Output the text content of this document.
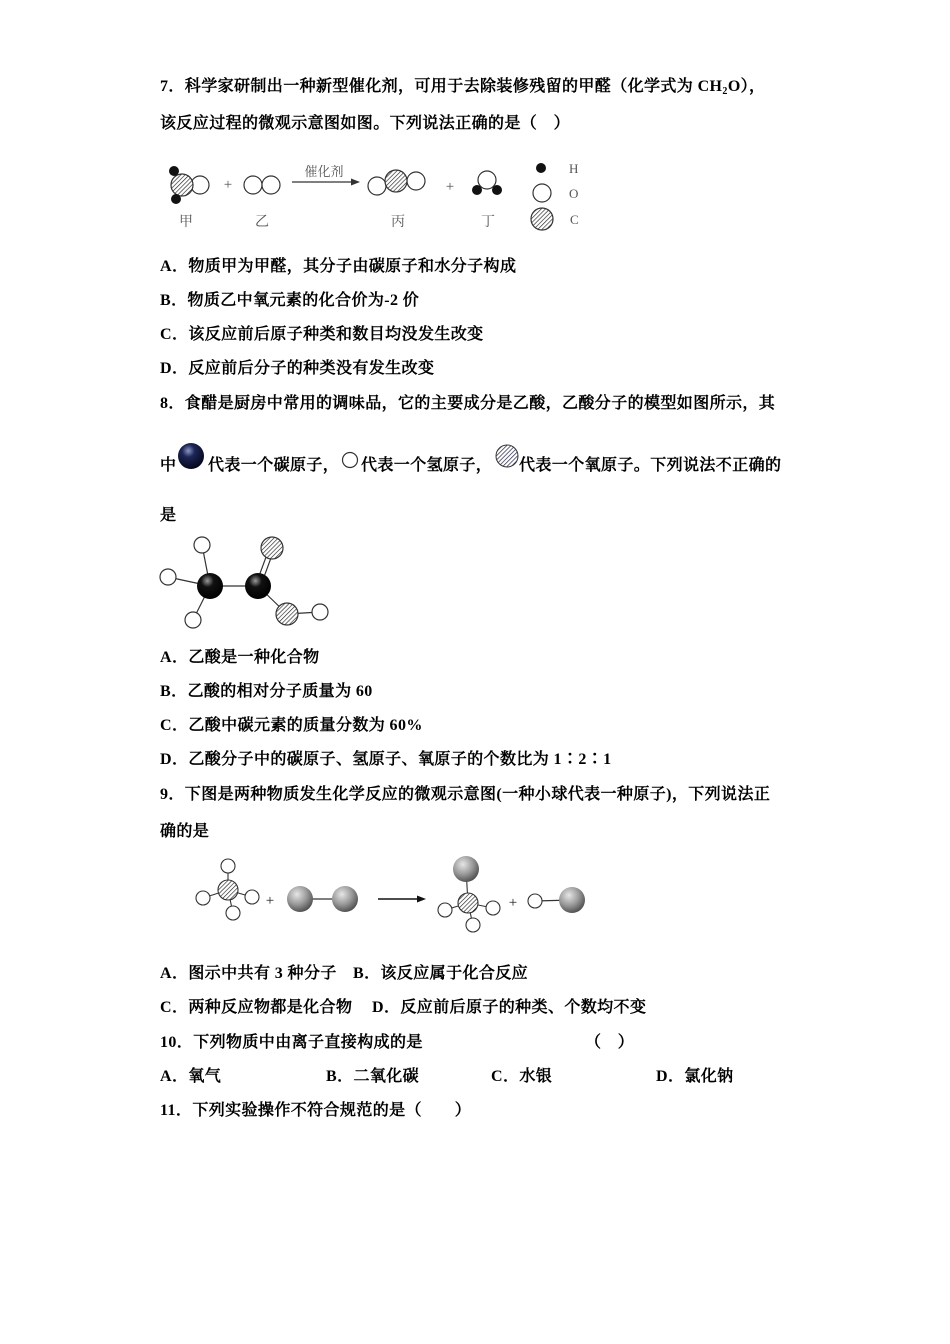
7．科学家研制出一种新型催化剂，可用于去除装修残留的甲醛（化学式为 $CH_2O$），
该反应过程的微观示意图如图。下列说法正确的是（　）
甲
+
乙
催化剂
丙
+
丁
H
O
C
A．物质甲为甲醛，其分子由碳原子和水分子构成
B．物质乙中氧元素的化合价为-2 价
C．该反应前后原子种类和数目均没发生改变
D．反应前后分子的种类没有发生改变
8．食醋是厨房中常用的调味品，它的主要成分是乙酸，乙酸分子的模型如图所示，其
中 代表一个碳原子， 代表一个氢原子， 代表一个氧原子。下列说法不正确的
是
A．乙酸是一种化合物
B．乙酸的相对分子质量为 60
C．乙酸中碳元素的质量分数为 60%
D．乙酸分子中的碳原子、氢原子、氧原子的个数比为 1∶2∶1
9．下图是两种物质发生化学反应的微观示意图(一种小球代表一种原子)，下列说法正
确的是
+	+
A．图示中共有 3 种分子 B．该反应属于化合反应
C．两种反应物都是化合物 D．反应前后原子的种类、个数均不变
10．下列物质中由离子直接构成的是	（　）
A．氧气	B．二氧化碳	C．水银	D．氯化钠
11．下列实验操作不符合规范的是（　　）
